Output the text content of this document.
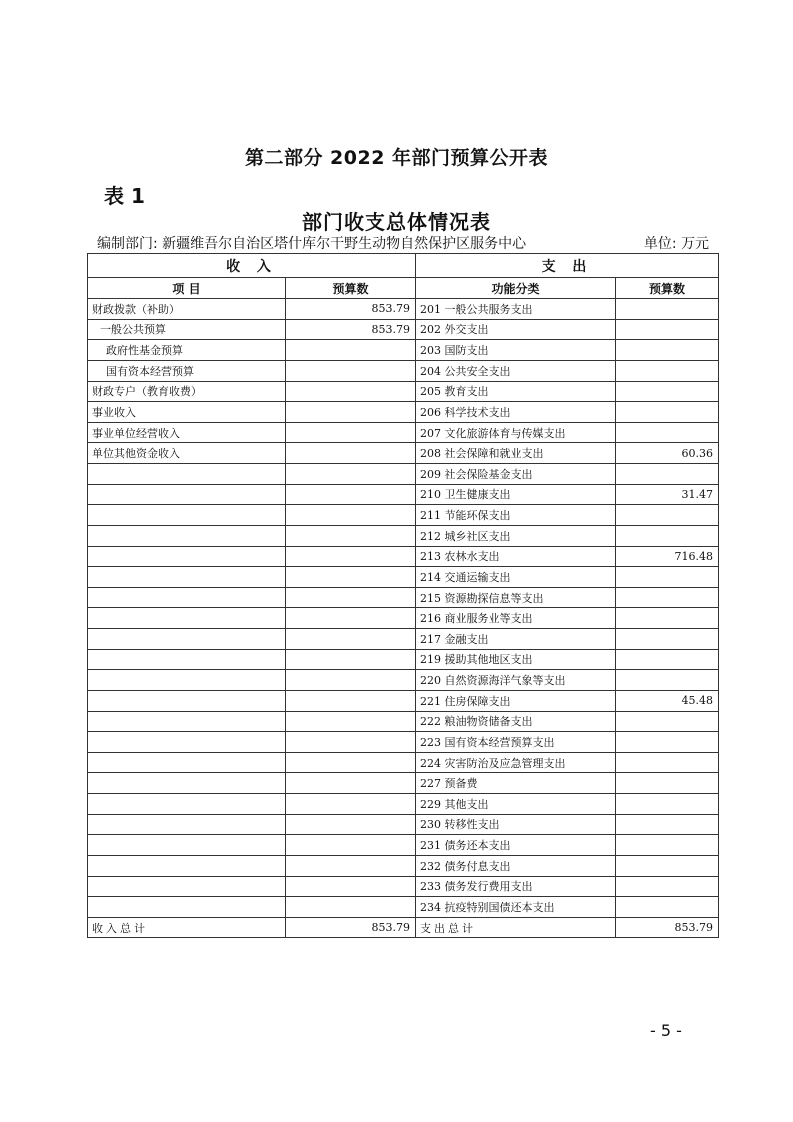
第二部分 2022 年部门预算公开表
表 1
部门收支总体情况表
编制部门: 新疆维吾尔自治区塔什库尔干野生动物自然保护区服务中心	单位: 万元
收 入		支 出	
项 目	预算数	功能分类	预算数
财政拨款（补助）	853.79	201 一般公共服务支出	
一般公共预算	853.79	202 外交支出	
政府性基金预算		203 国防支出	
国有资本经营预算		204 公共安全支出	
财政专户（教育收费）		205 教育支出	
事业收入		206 科学技术支出	
事业单位经营收入		207 文化旅游体育与传媒支出	
单位其他资金收入		208 社会保障和就业支出	60.36
		209 社会保险基金支出	
		210 卫生健康支出	31.47
		211 节能环保支出	
		212 城乡社区支出	
		213 农林水支出	716.48
		214 交通运输支出	
		215 资源勘探信息等支出	
		216 商业服务业等支出	
		217 金融支出	
		219 援助其他地区支出	
		220 自然资源海洋气象等支出	
		221 住房保障支出	45.48
		222 粮油物资储备支出	
		223 国有资本经营预算支出	
		224 灾害防治及应急管理支出	
		227 预备费	
		229 其他支出	
		230 转移性支出	
		231 债务还本支出	
		232 债务付息支出	
		233 债务发行费用支出	
		234 抗疫特别国债还本支出	
收入总计	853.79	支出总计	853.79
- 5 -
